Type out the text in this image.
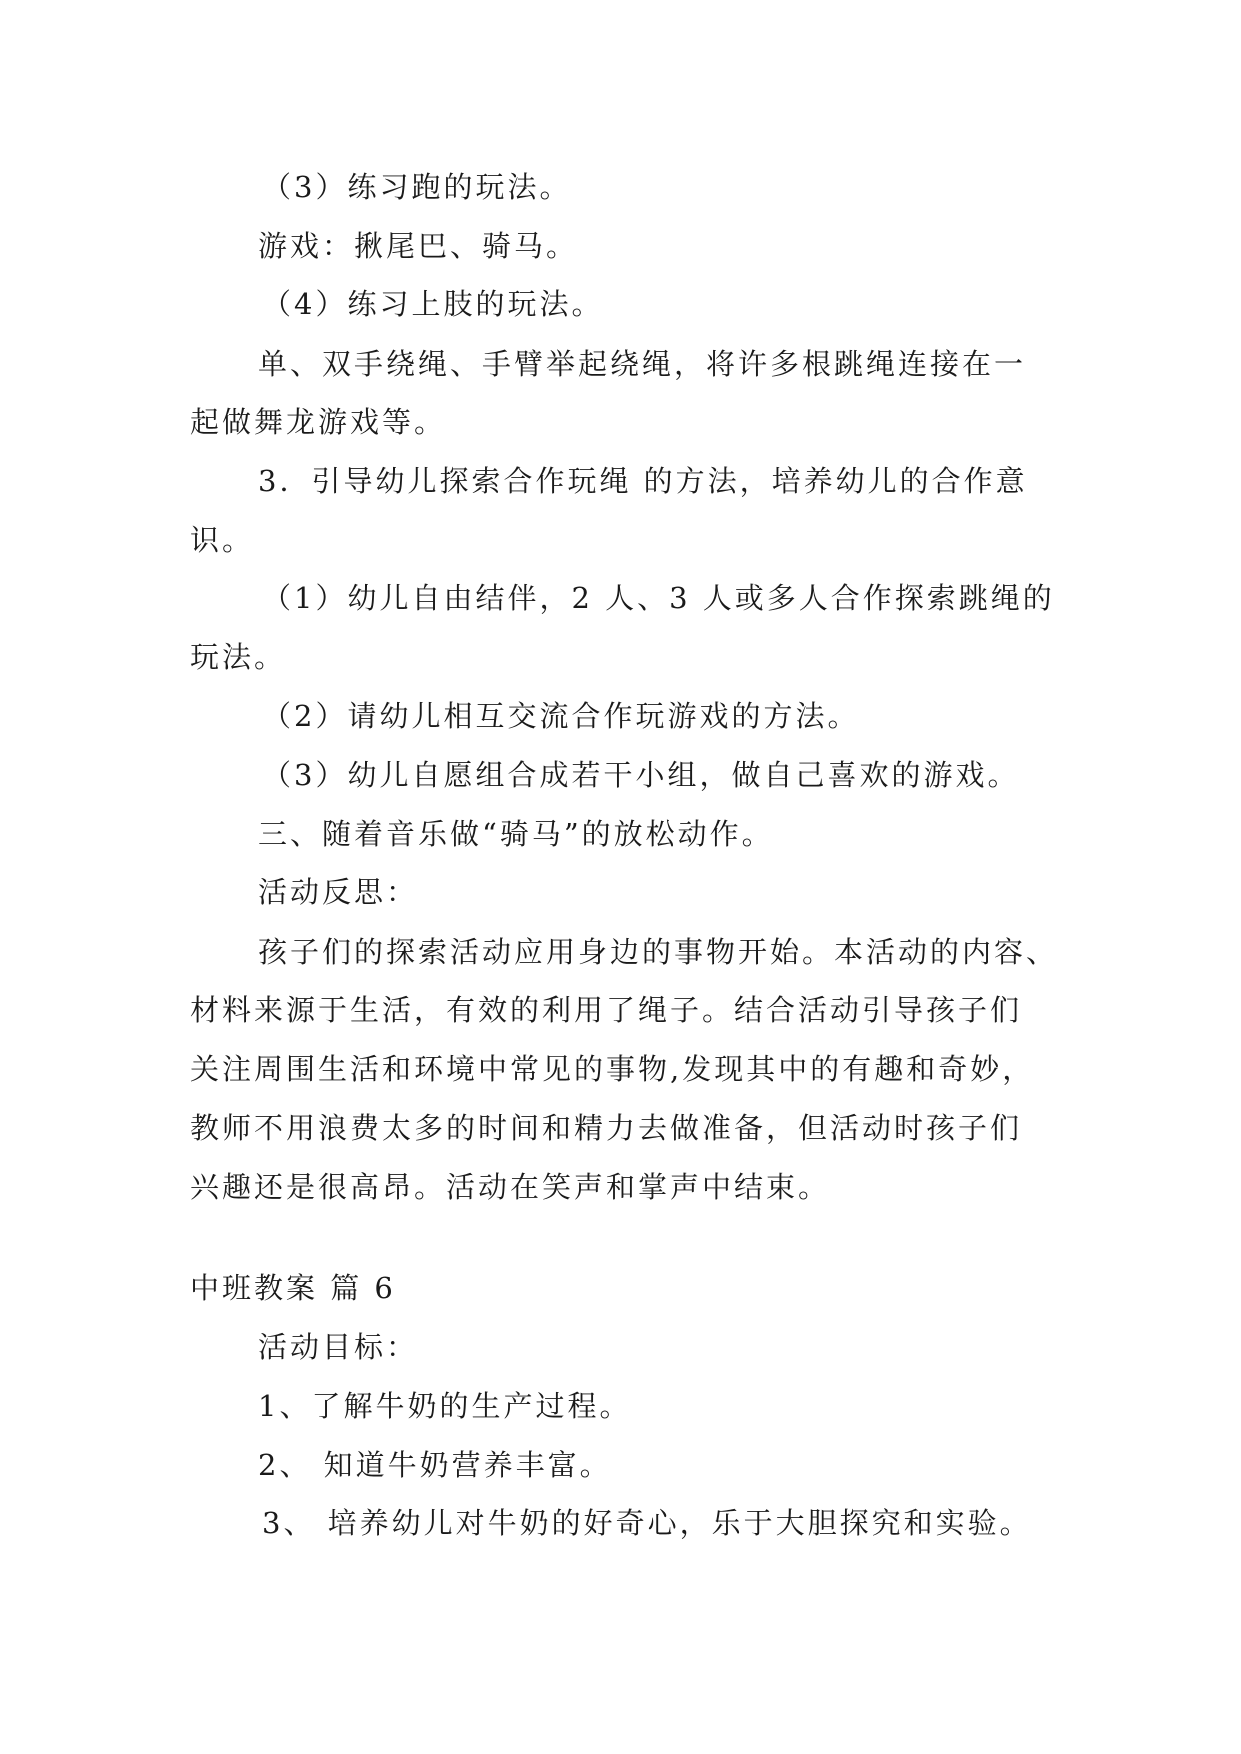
（3）练习跑的玩法。

游戏：揪尾巴、骑马。

（4）练习上肢的玩法。

单、双手绕绳、手臂举起绕绳，将许多根跳绳连接在一

起做舞龙游戏等。

3．引导幼儿探索合作玩绳 的方法，培养幼儿的合作意

识。

（1）幼儿自由结伴，2 人、3 人或多人合作探索跳绳的

玩法。

（2）请幼儿相互交流合作玩游戏的方法。

（3）幼儿自愿组合成若干小组，做自己喜欢的游戏。

三、随着音乐做“骑马”的放松动作。

活动反思：

孩子们的探索活动应用身边的事物开始。本活动的内容、

材料来源于生活，有效的利用了绳子。结合活动引导孩子们

关注周围生活和环境中常见的事物,发现其中的有趣和奇妙，

教师不用浪费太多的时间和精力去做准备，但活动时孩子们

兴趣还是很高昂。活动在笑声和掌声中结束。

中班教案 篇 6

活动目标：

1、了解牛奶的生产过程。

2、 知道牛奶营养丰富。

3、 培养幼儿对牛奶的好奇心，乐于大胆探究和实验。
